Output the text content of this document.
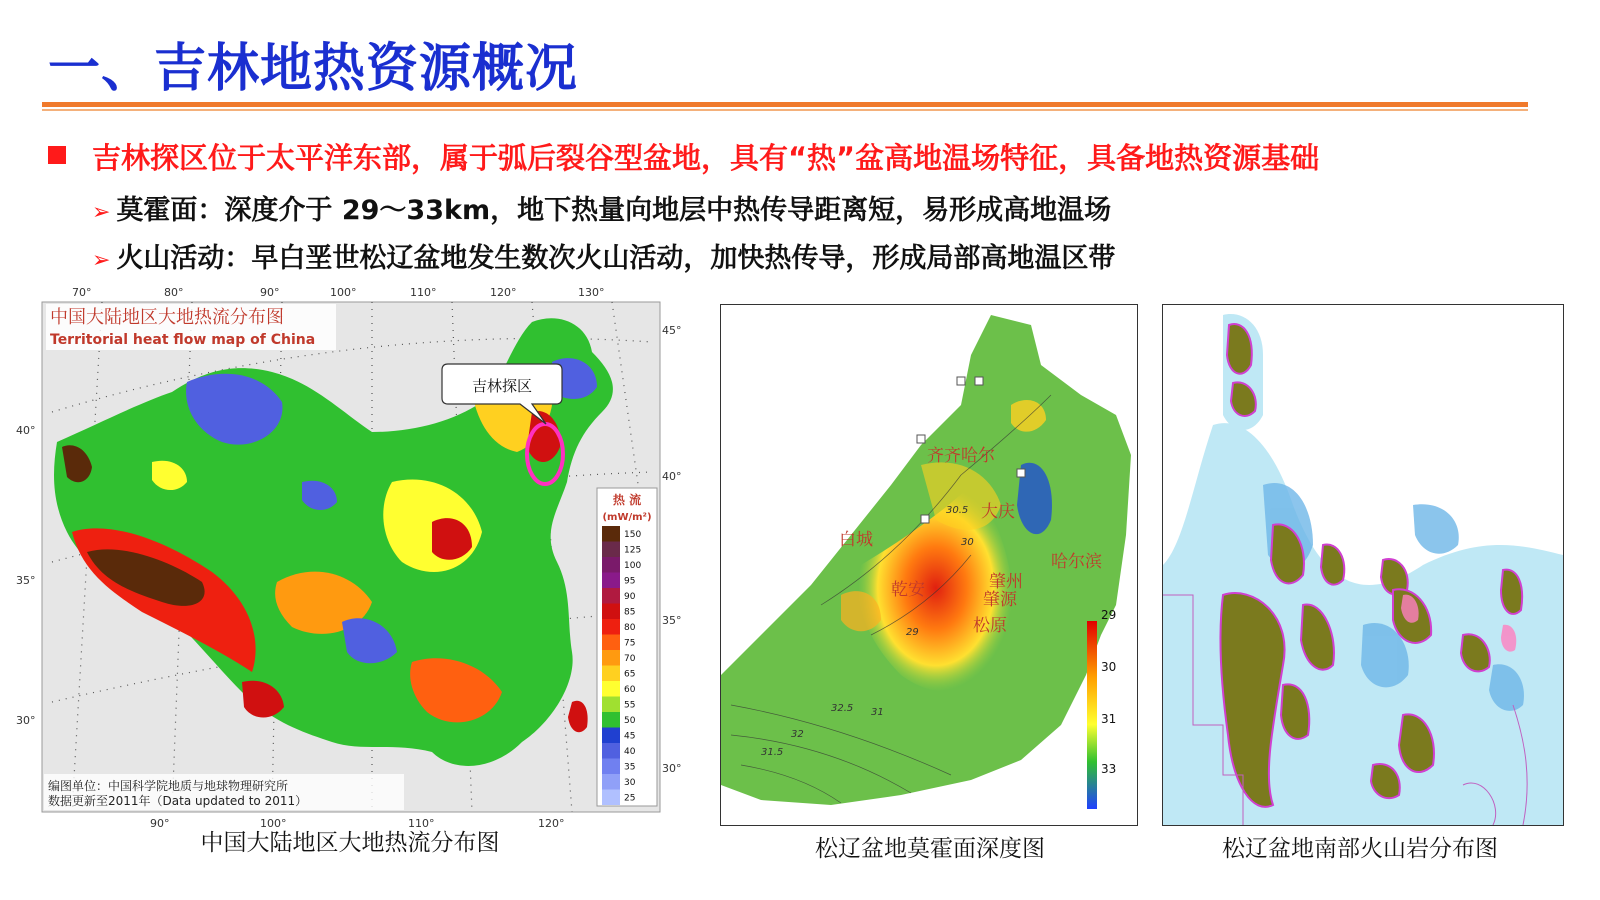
一、吉林地热资源概况
吉林探区位于太平洋东部，属于弧后裂谷型盆地，具有“热”盆高地温场特征，具备地热资源基础
➢ 莫霍面：深度介于 29～33km，地下热量向地层中热传导距离短，易形成高地温场
➢ 火山活动：早白垩世松辽盆地发生数次火山活动，加快热传导，形成局部高地温区带
吉林探区
中国大陆地区大地热流分布图
Territorial heat flow map of China
70°	80°	90°	100°	110°	120°	130°
90°	100°	110°	120°
40°
35°
30°
45°
40°
35°
30°
热 流
(mW/m²)
150
125
100
95
90
85
80
75
70
65
60
55
50
45
40
35
30
25
编图单位：中国科学院地质与地球物理研究所
数据更新至2011年（Data updated to 2011）
中国大陆地区大地热流分布图
32.5
32
31.5
31
30.5
30
29
齐齐哈尔
大庆
白城
哈尔滨
肇州
肇源
松原
乾安
29
30
31
33
松辽盆地莫霍面深度图	松辽盆地南部火山岩分布图
